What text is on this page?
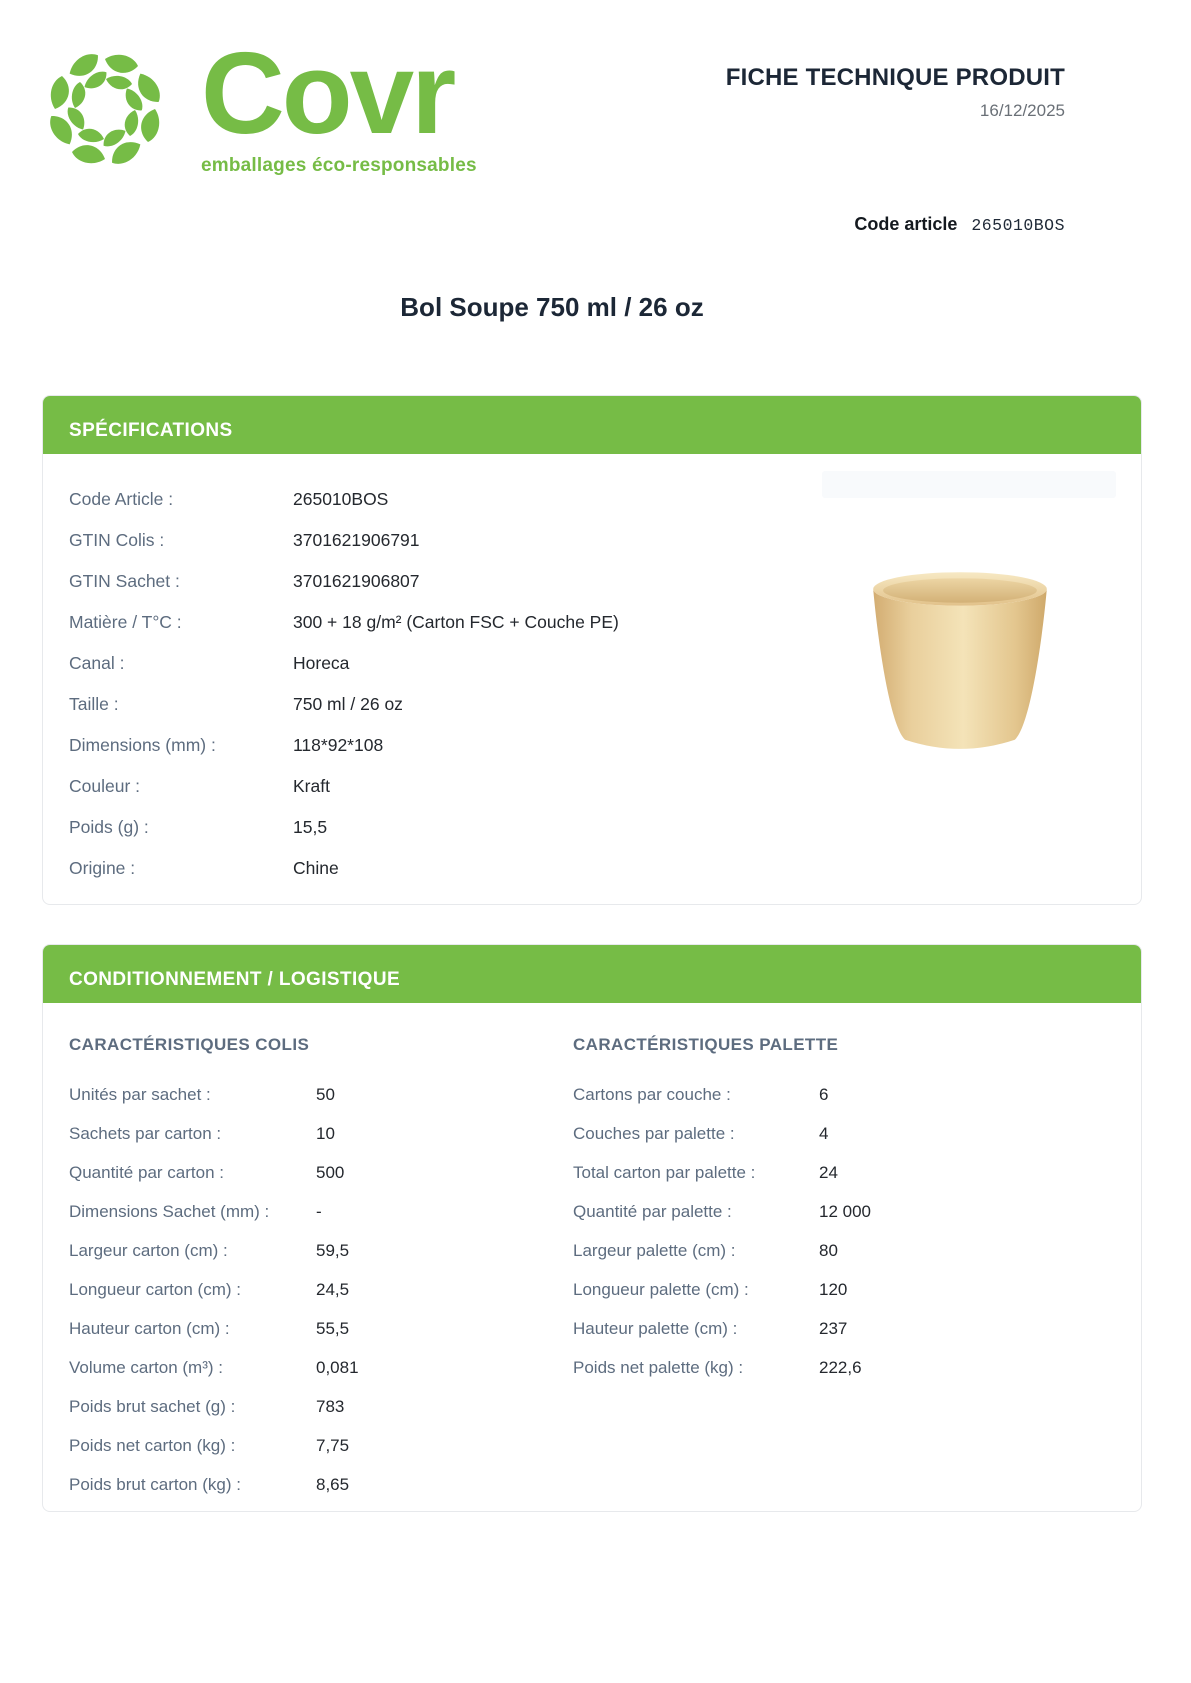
Covr
emballages éco-responsables
FICHE TECHNIQUE PRODUIT
16/12/2025
Code article 265010BOS
Bol Soupe 750 ml / 26 oz
SPÉCIFICATIONS
Code Article :	265010BOS
GTIN Colis :	3701621906791
GTIN Sachet :	3701621906807
Matière / T°C :	300 + 18 g/m² (Carton FSC + Couche PE)
Canal :	Horeca
Taille :	750 ml / 26 oz
Dimensions (mm) :	118*92*108
Couleur :	Kraft
Poids (g) :	15,5
Origine :	Chine
CONDITIONNEMENT / LOGISTIQUE
CARACTÉRISTIQUES COLIS
Unités par sachet :	50
Sachets par carton :	10
Quantité par carton :	500
Dimensions Sachet (mm) :	-
Largeur carton (cm) :	59,5
Longueur carton (cm) :	24,5
Hauteur carton (cm) :	55,5
Volume carton (m³) :	0,081
Poids brut sachet (g) :	783
Poids net carton (kg) :	7,75
Poids brut carton (kg) :	8,65
CARACTÉRISTIQUES PALETTE
Cartons par couche :	6
Couches par palette :	4
Total carton par palette :	24
Quantité par palette :	12 000
Largeur palette (cm) :	80
Longueur palette (cm) :	120
Hauteur palette (cm) :	237
Poids net palette (kg) :	222,6
